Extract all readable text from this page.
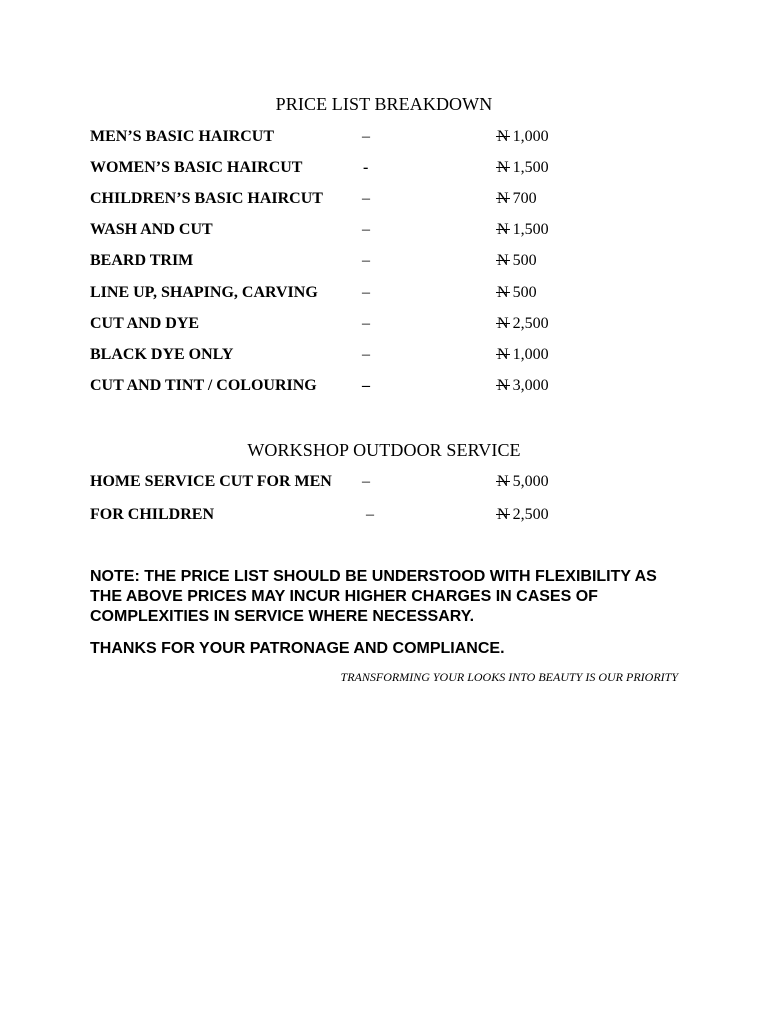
PRICE LIST BREAKDOWN
MEN’S BASIC HAIRCUT	–	N 1,000
WOMEN’S BASIC HAIRCUT	-	N 1,500
CHILDREN’S BASIC HAIRCUT –	N 700
WASH AND CUT	–	N 1,500
BEARD TRIM	–	N 500
LINE UP, SHAPING, CARVING	–	N 500
CUT AND DYE	–	N 2,500
BLACK DYE ONLY	–	N 1,000
CUT AND TINT / COLOURING	–	N 3,000
WORKSHOP OUTDOOR SERVICE
HOME SERVICE CUT FOR MEN –	N 5,000
FOR CHILDREN	–	N 2,500

NOTE: THE PRICE LIST SHOULD BE UNDERSTOOD WITH FLEXIBILITY AS THE ABOVE PRICES MAY INCUR HIGHER CHARGES IN CASES OF COMPLEXITIES IN SERVICE WHERE NECESSARY.

THANKS FOR YOUR PATRONAGE AND COMPLIANCE.

TRANSFORMING YOUR LOOKS INTO BEAUTY IS OUR PRIORITY
